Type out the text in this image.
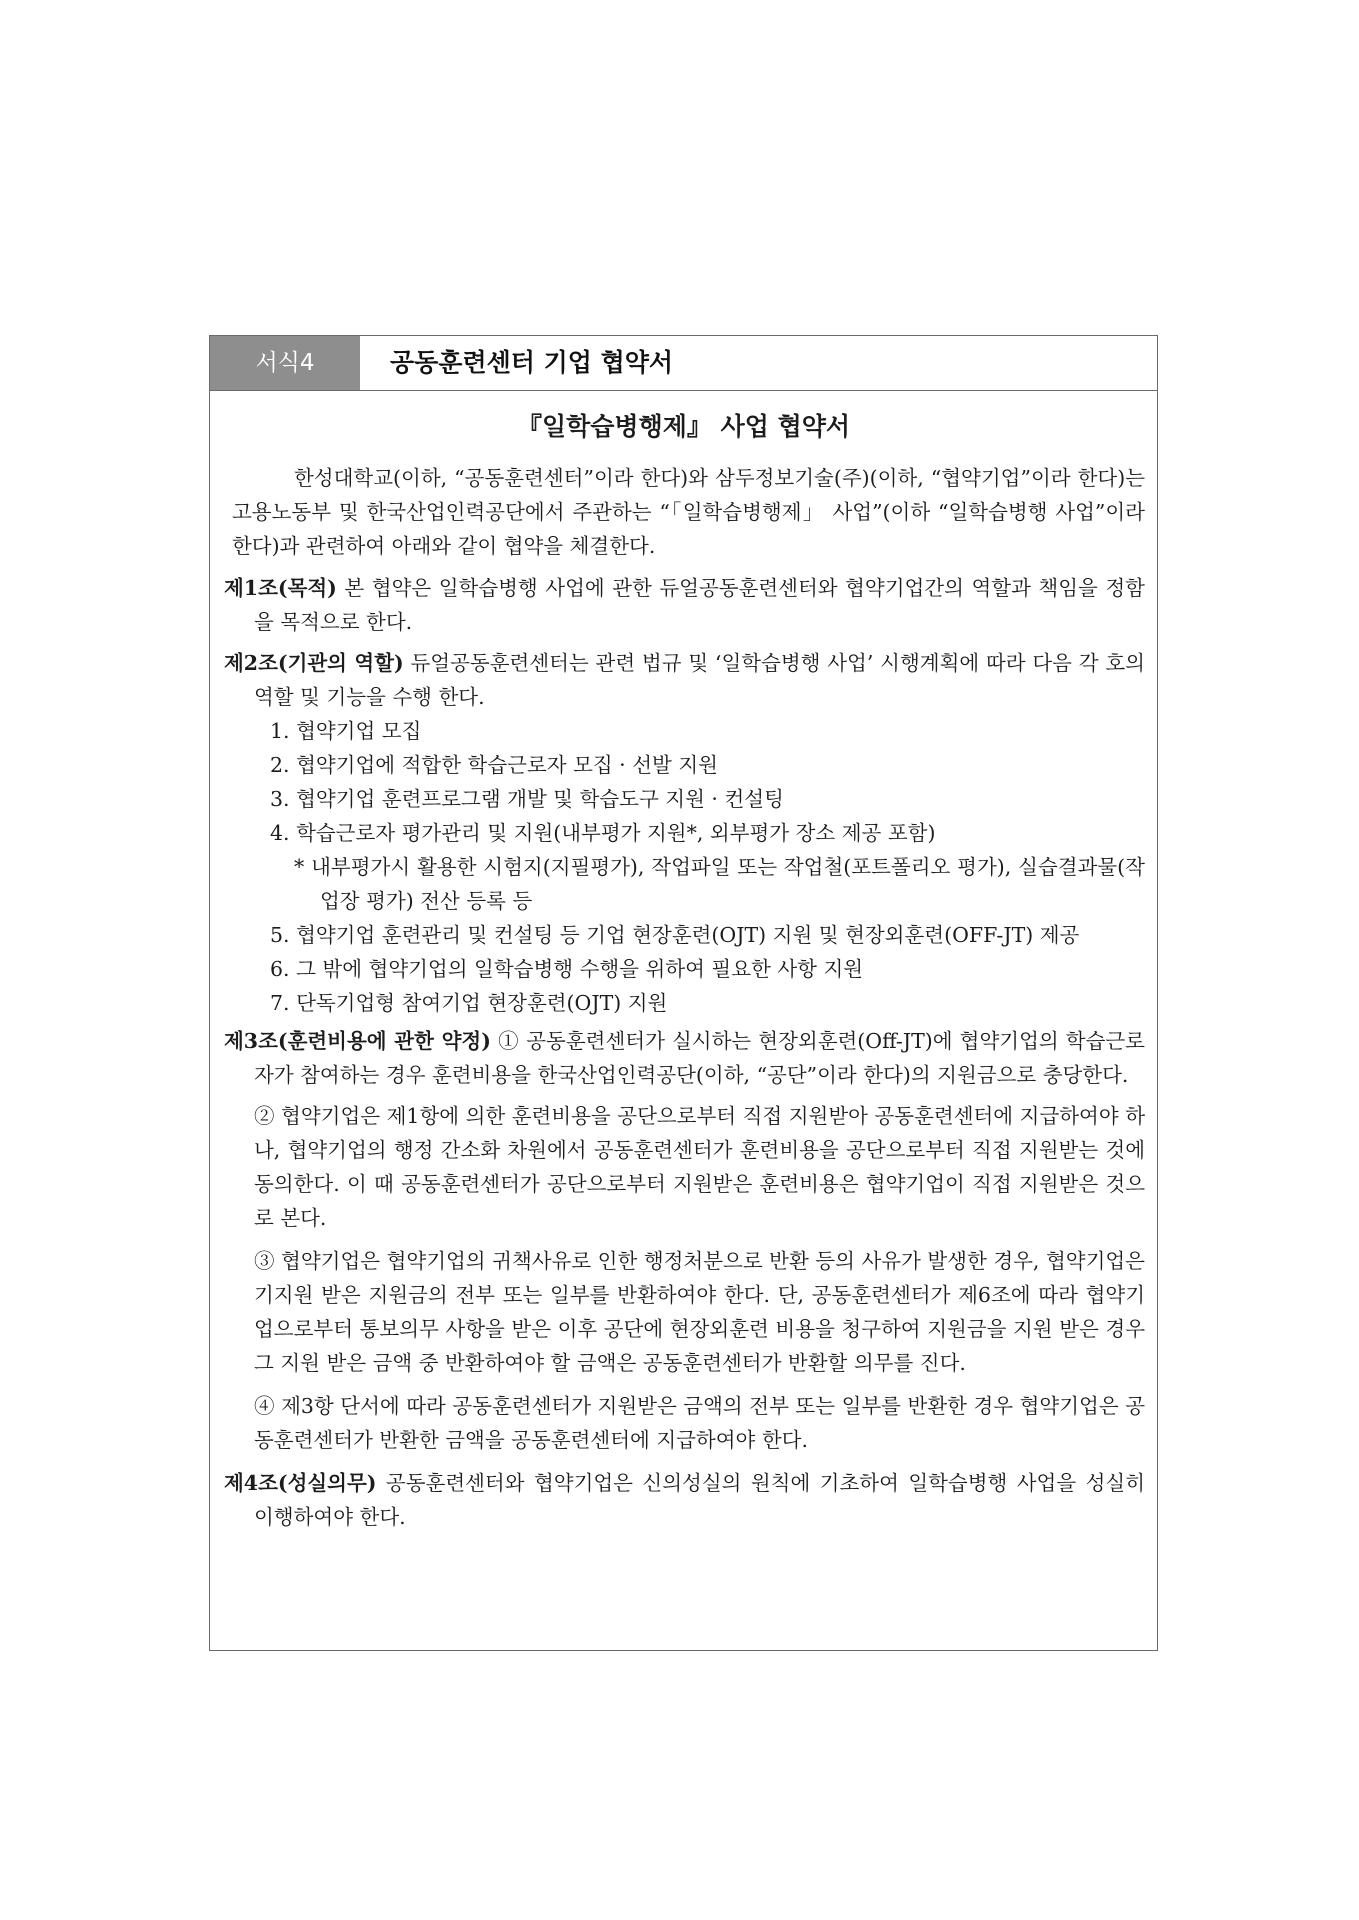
서식4	공동훈련센터 기업 협약서
『일학습병행제』 사업 협약서

한성대학교(이하, “공동훈련센터”이라 한다)와 삼두정보기술(주)(이하, “협약기업”이라 한다)는 고용노동부 및 한국산업인력공단에서 주관하는 “「일학습병행제」 사업”(이하 “일학습병행 사업”이라 한다)과 관련하여 아래와 같이 협약을 체결한다.

제1조(목적) 본 협약은 일학습병행 사업에 관한 듀얼공동훈련센터와 협약기업간의 역할과 책임을 정함을 목적으로 한다.

제2조(기관의 역할) 듀얼공동훈련센터는 관련 법규 및 ‘일학습병행 사업’ 시행계획에 따라 다음 각 호의 역할 및 기능을 수행 한다.

1. 협약기업 모집
2. 협약기업에 적합한 학습근로자 모집 · 선발 지원
3. 협약기업 훈련프로그램 개발 및 학습도구 지원 · 컨설팅
4. 학습근로자 평가관리 및 지원(내부평가 지원*, 외부평가 장소 제공 포함)
* 내부평가시 활용한 시험지(지필평가), 작업파일 또는 작업철(포트폴리오 평가), 실습결과물(작업장 평가) 전산 등록 등
5. 협약기업 훈련관리 및 컨설팅 등 기업 현장훈련(OJT) 지원 및 현장외훈련(OFF-JT) 제공
6. 그 밖에 협약기업의 일학습병행 수행을 위하여 필요한 사항 지원
7. 단독기업형 참여기업 현장훈련(OJT) 지원

제3조(훈련비용에 관한 약정) ① 공동훈련센터가 실시하는 현장외훈련(Off-JT)에 협약기업의 학습근로자가 참여하는 경우 훈련비용을 한국산업인력공단(이하, “공단”이라 한다)의 지원금으로 충당한다.

② 협약기업은 제1항에 의한 훈련비용을 공단으로부터 직접 지원받아 공동훈련센터에 지급하여야 하나, 협약기업의 행정 간소화 차원에서 공동훈련센터가 훈련비용을 공단으로부터 직접 지원받는 것에 동의한다. 이 때 공동훈련센터가 공단으로부터 지원받은 훈련비용은 협약기업이 직접 지원받은 것으로 본다.

③ 협약기업은 협약기업의 귀책사유로 인한 행정처분으로 반환 등의 사유가 발생한 경우, 협약기업은 기지원 받은 지원금의 전부 또는 일부를 반환하여야 한다. 단, 공동훈련센터가 제6조에 따라 협약기업으로부터 통보의무 사항을 받은 이후 공단에 현장외훈련 비용을 청구하여 지원금을 지원 받은 경우 그 지원 받은 금액 중 반환하여야 할 금액은 공동훈련센터가 반환할 의무를 진다.

④ 제3항 단서에 따라 공동훈련센터가 지원받은 금액의 전부 또는 일부를 반환한 경우 협약기업은 공동훈련센터가 반환한 금액을 공동훈련센터에 지급하여야 한다.

제4조(성실의무) 공동훈련센터와 협약기업은 신의성실의 원칙에 기초하여 일학습병행 사업을 성실히 이행하여야 한다.
